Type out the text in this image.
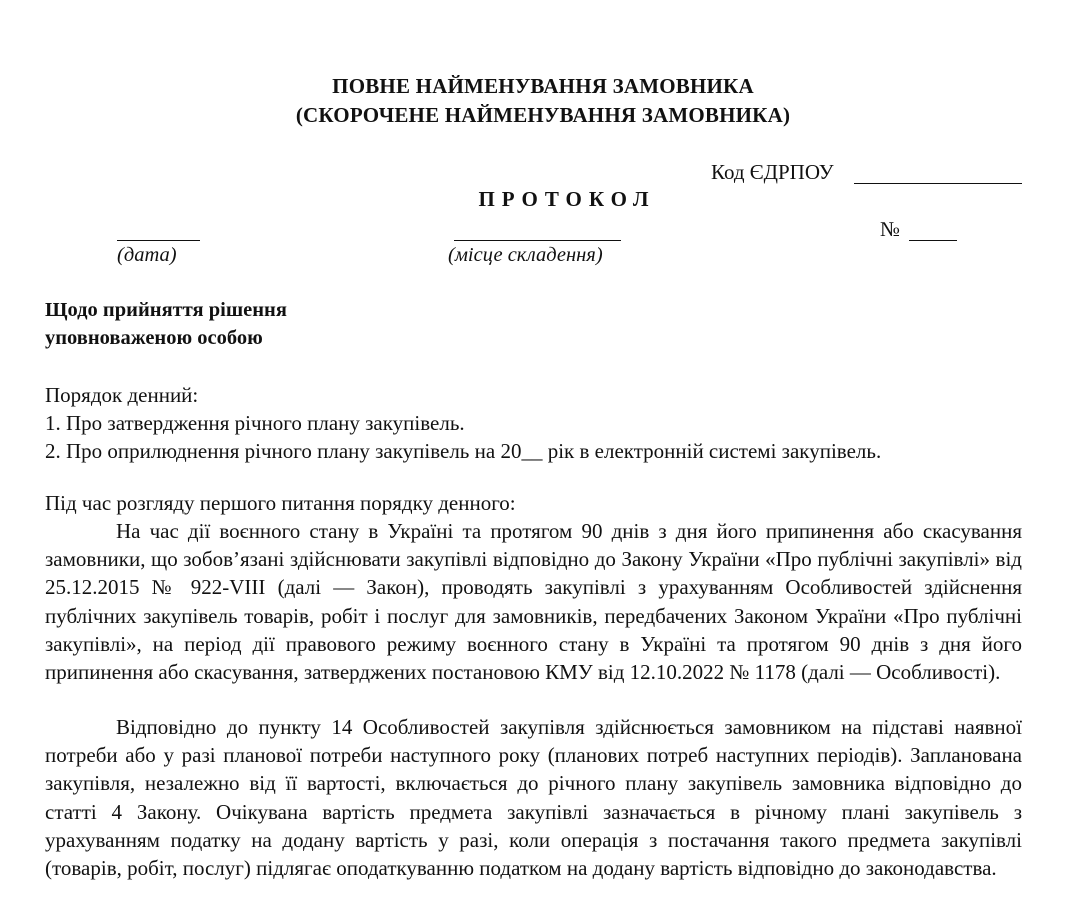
ПОВНЕ НАЙМЕНУВАННЯ ЗАМОВНИКА
(СКОРОЧЕНЕ НАЙМЕНУВАННЯ ЗАМОВНИКА)
Код ЄДРПОУ
ПРОТОКОЛ
(дата)	(місце складення)
№
Щодо прийняття рішення
уповноваженою особою
Порядок денний:
1. Про затвердження річного плану закупівель.
2. Про оприлюднення річного плану закупівель на 20__ рік в електронній системі закупівель.
Під час розгляду першого питання порядку денного:
На час дії воєнного стану в Україні та протягом 90 днів з дня його припинення або скасування замовники, що зобов’язані здійснювати закупівлі відповідно до Закону України «Про публічні закупівлі» від 25.12.2015 № 922-VIII (далі — Закон), проводять закупівлі з урахуванням Особливостей здійснення публічних закупівель товарів, робіт і послуг для замовників, передбачених Законом України «Про публічні закупівлі», на період дії правового режиму воєнного стану в Україні та протягом 90 днів з дня його припинення або скасування, затверджених постановою КМУ від 12.10.2022 № 1178 (далі — Особливості).
Відповідно до пункту 14 Особливостей закупівля здійснюється замовником на підставі наявної потреби або у разі планової потреби наступного року (планових потреб наступних періодів). Запланована закупівля, незалежно від її вартості, включається до річного плану закупівель замовника відповідно до статті 4 Закону. Очікувана вартість предмета закупівлі зазначається в річному плані закупівель з урахуванням податку на додану вартість у разі, коли операція з постачання такого предмета закупівлі (товарів, робіт, послуг) підлягає оподаткуванню податком на додану вартість відповідно до законодавства.
